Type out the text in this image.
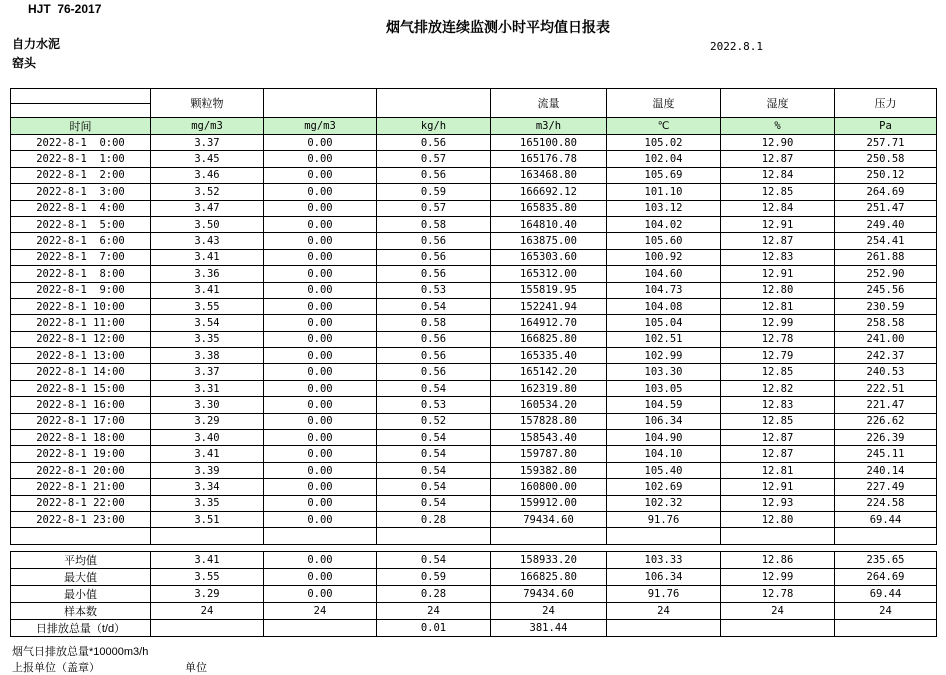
HJT  76-2017
烟气排放连续监测小时平均值日报表
2022.8.1
自力水泥
窑头
	颗粒物			流量	温度	湿度	压力

时间	mg/m3	mg/m3	kg/h	m3/h	℃	%	Pa
2022-8-1  0:00	3.37	0.00	0.56	165100.80	105.02	12.90	257.71
2022-8-1  1:00	3.45	0.00	0.57	165176.78	102.04	12.87	250.58
2022-8-1  2:00	3.46	0.00	0.56	163468.80	105.69	12.84	250.12
2022-8-1  3:00	3.52	0.00	0.59	166692.12	101.10	12.85	264.69
2022-8-1  4:00	3.47	0.00	0.57	165835.80	103.12	12.84	251.47
2022-8-1  5:00	3.50	0.00	0.58	164810.40	104.02	12.91	249.40
2022-8-1  6:00	3.43	0.00	0.56	163875.00	105.60	12.87	254.41
2022-8-1  7:00	3.41	0.00	0.56	165303.60	100.92	12.83	261.88
2022-8-1  8:00	3.36	0.00	0.56	165312.00	104.60	12.91	252.90
2022-8-1  9:00	3.41	0.00	0.53	155819.95	104.73	12.80	245.56
2022-8-1 10:00	3.55	0.00	0.54	152241.94	104.08	12.81	230.59
2022-8-1 11:00	3.54	0.00	0.58	164912.70	105.04	12.99	258.58
2022-8-1 12:00	3.35	0.00	0.56	166825.80	102.51	12.78	241.00
2022-8-1 13:00	3.38	0.00	0.56	165335.40	102.99	12.79	242.37
2022-8-1 14:00	3.37	0.00	0.56	165142.20	103.30	12.85	240.53
2022-8-1 15:00	3.31	0.00	0.54	162319.80	103.05	12.82	222.51
2022-8-1 16:00	3.30	0.00	0.53	160534.20	104.59	12.83	221.47
2022-8-1 17:00	3.29	0.00	0.52	157828.80	106.34	12.85	226.62
2022-8-1 18:00	3.40	0.00	0.54	158543.40	104.90	12.87	226.39
2022-8-1 19:00	3.41	0.00	0.54	159787.80	104.10	12.87	245.11
2022-8-1 20:00	3.39	0.00	0.54	159382.80	105.40	12.81	240.14
2022-8-1 21:00	3.34	0.00	0.54	160800.00	102.69	12.91	227.49
2022-8-1 22:00	3.35	0.00	0.54	159912.00	102.32	12.93	224.58
2022-8-1 23:00	3.51	0.00	0.28	79434.60	91.76	12.80	69.44

平均值	3.41	0.00	0.54	158933.20	103.33	12.86	235.65
最大值	3.55	0.00	0.59	166825.80	106.34	12.99	264.69
最小值	3.29	0.00	0.28	79434.60	91.76	12.78	69.44
样本数	24	24	24	24	24	24	24
日排放总量（t/d）			0.01	381.44			
烟气日排放总量*10000m3/h
上报单位（盖章）	单位
